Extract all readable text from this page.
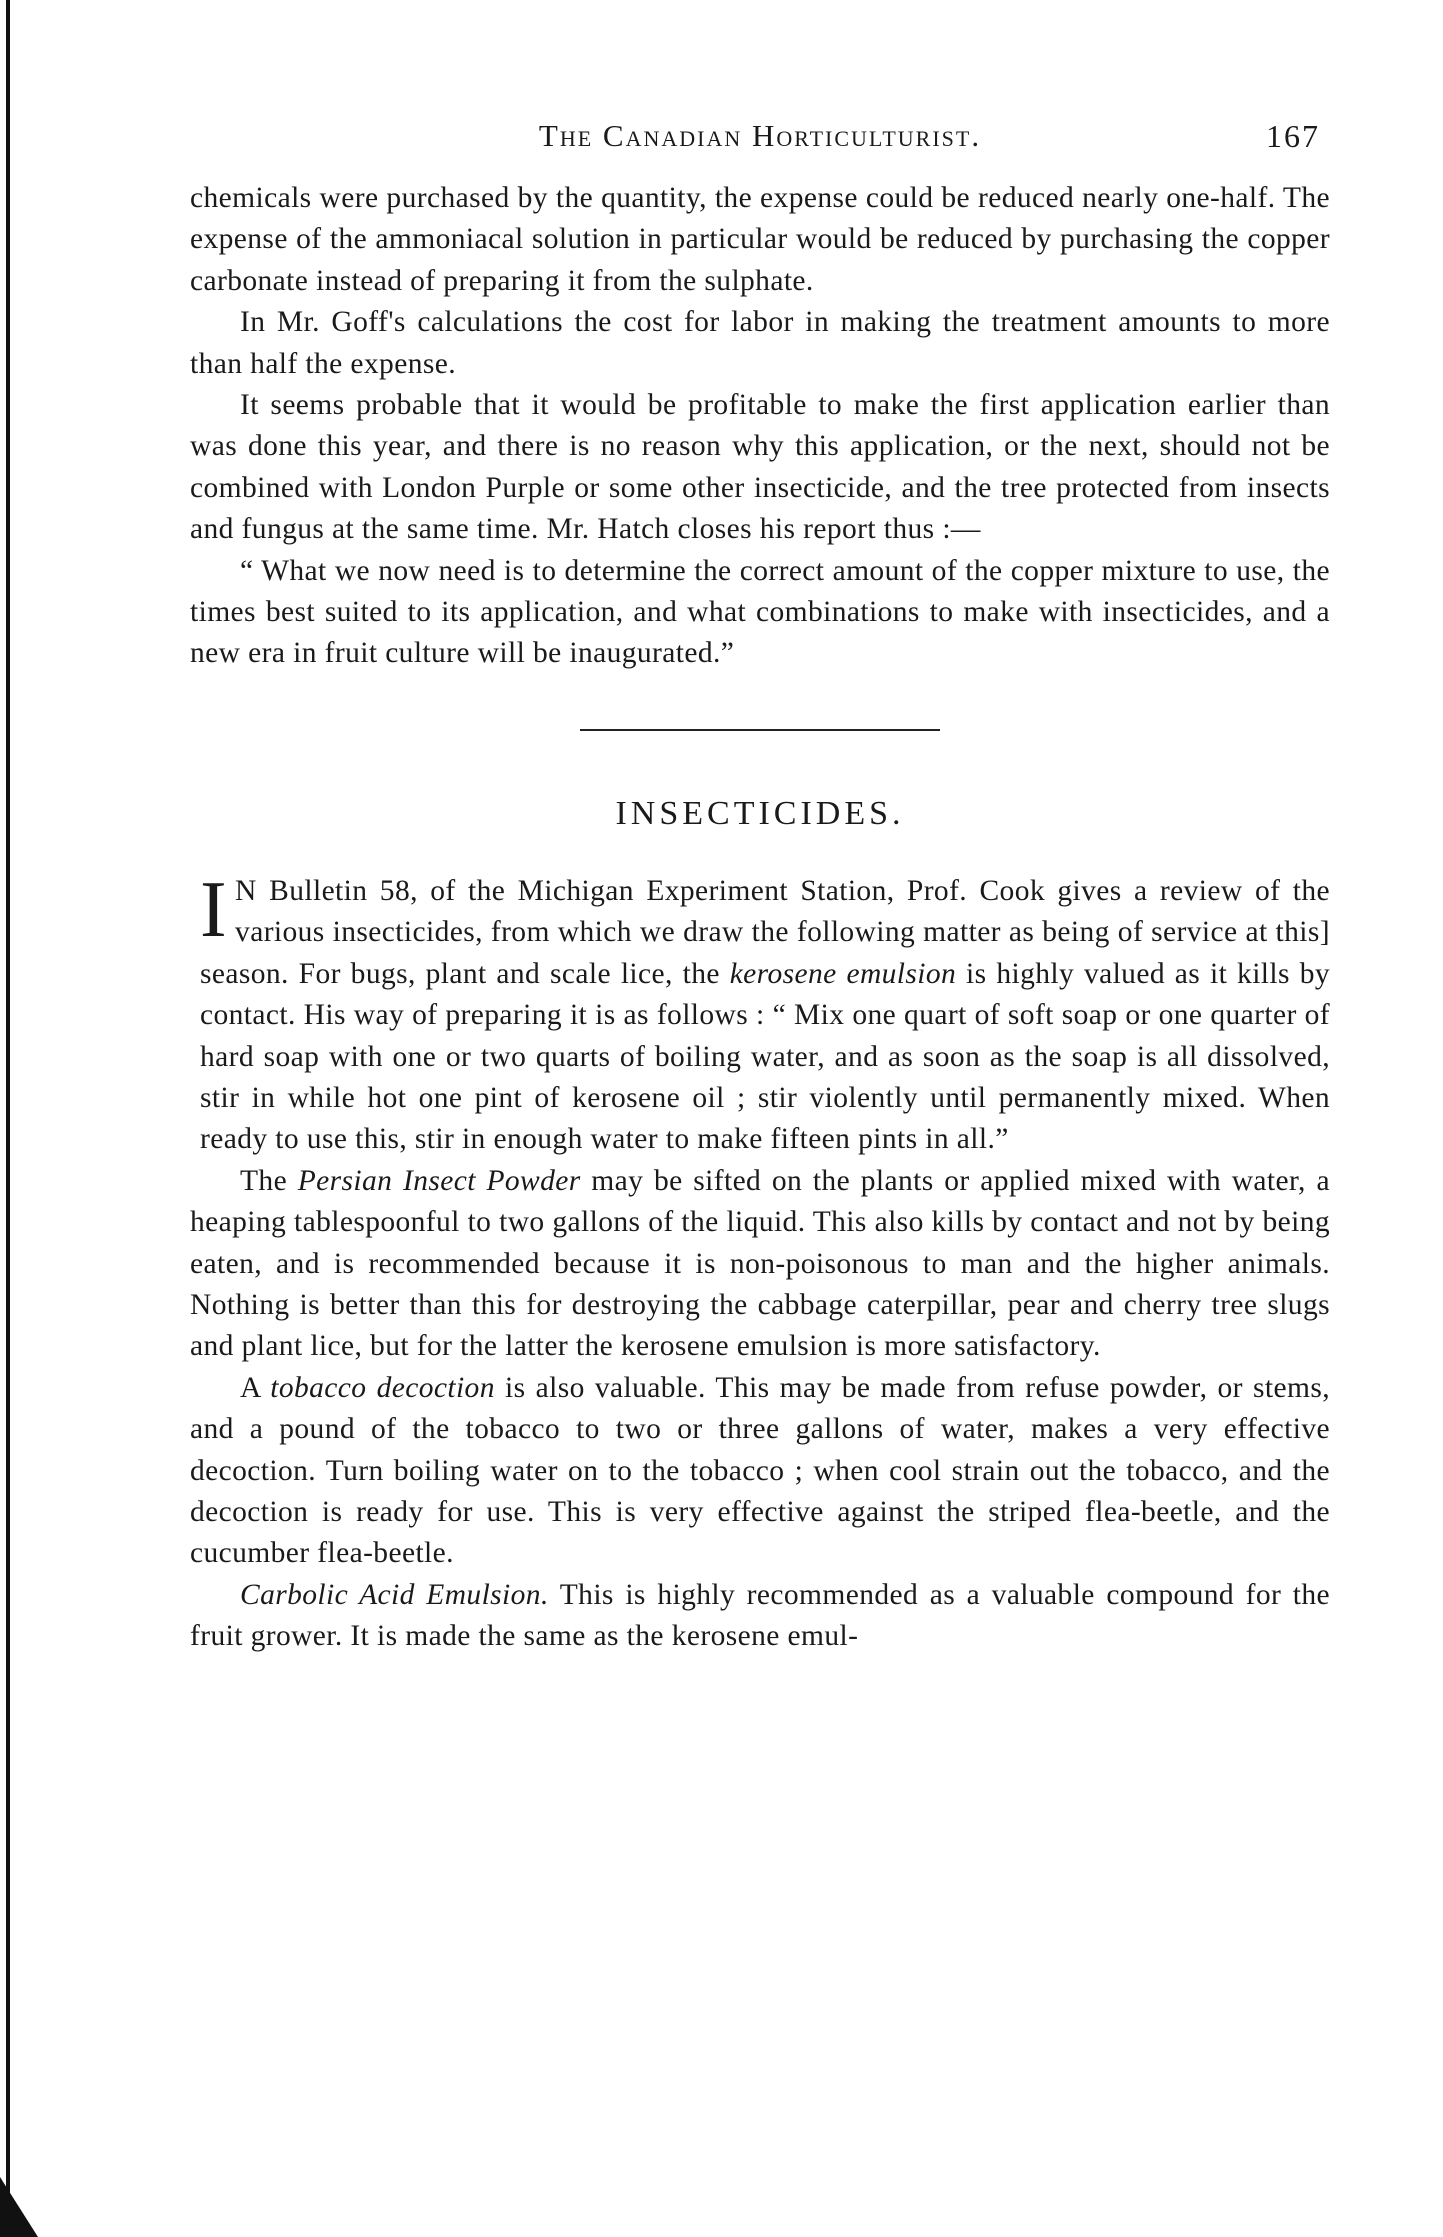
The Canadian Horticulturist.	167

chemicals were purchased by the quantity, the expense could be reduced nearly one-half. The expense of the ammoniacal solution in particular would be reduced by purchasing the copper carbonate instead of preparing it from the sulphate.

In Mr. Goff's calculations the cost for labor in making the treatment amounts to more than half the expense.

It seems probable that it would be profitable to make the first application earlier than was done this year, and there is no reason why this application, or the next, should not be combined with London Purple or some other insecticide, and the tree protected from insects and fungus at the same time. Mr. Hatch closes his report thus :—

“ What we now need is to determine the correct amount of the copper mixture to use, the times best suited to its application, and what combinations to make with insecticides, and a new era in fruit culture will be inaugurated.”

INSECTICIDES.

I N Bulletin 58, of the Michigan Experiment Station, Prof. Cook gives a review of the various insecticides, from which we draw the following matter as being of service at this] season. For bugs, plant and scale lice, the kerosene emulsion is highly valued as it kills by contact. His way of preparing it is as follows : “ Mix one quart of soft soap or one quarter of hard soap with one or two quarts of boiling water, and as soon as the soap is all dissolved, stir in while hot one pint of kerosene oil ; stir violently until permanently mixed. When ready to use this, stir in enough water to make fifteen pints in all.”

The Persian Insect Powder may be sifted on the plants or applied mixed with water, a heaping tablespoonful to two gallons of the liquid. This also kills by contact and not by being eaten, and is recommended because it is non-poisonous to man and the higher animals. Nothing is better than this for destroying the cabbage caterpillar, pear and cherry tree slugs and plant lice, but for the latter the kerosene emulsion is more satisfactory.

A tobacco decoction is also valuable. This may be made from refuse powder, or stems, and a pound of the tobacco to two or three gallons of water, makes a very effective decoction. Turn boiling water on to the tobacco ; when cool strain out the tobacco, and the decoction is ready for use. This is very effective against the striped flea-beetle, and the cucumber flea-beetle.

Carbolic Acid Emulsion. This is highly recommended as a valuable compound for the fruit grower. It is made the same as the kerosene emul-
